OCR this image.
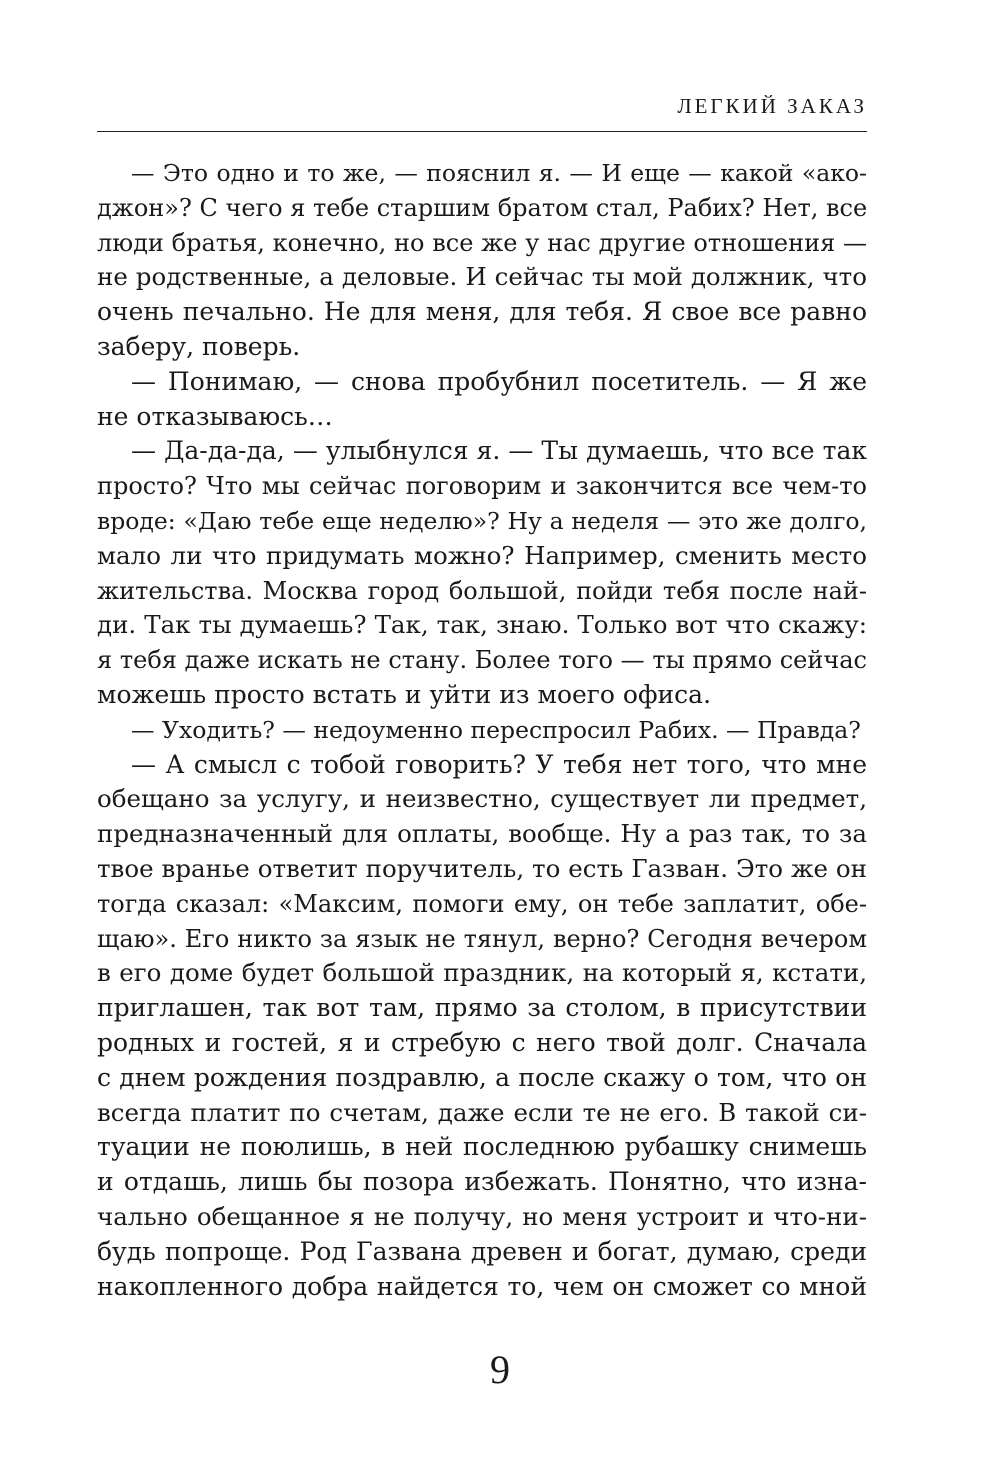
ЛЕГКИЙ ЗАКАЗ
— Это одно и то же, — пояснил я. — И еще — какой «ако-
джон»? С чего я тебе старшим братом стал, Рабих? Нет, все
люди братья, конечно, но все же у нас другие отношения —
не родственные, а деловые. И сейчас ты мой должник, что
очень печально. Не для меня, для тебя. Я свое все равно
заберу, поверь.
— Понимаю, — снова пробубнил посетитель. — Я же
не отказываюсь…
— Да-да-да, — улыбнулся я. — Ты думаешь, что все так
просто? Что мы сейчас поговорим и закончится все чем-то
вроде: «Даю тебе еще неделю»? Ну а неделя — это же долго,
мало ли что придумать можно? Например, сменить место
жительства. Москва город большой, пойди тебя после най-
ди. Так ты думаешь? Так, так, знаю. Только вот что скажу:
я тебя даже искать не стану. Более того — ты прямо сейчас
можешь просто встать и уйти из моего офиса.
— Уходить? — недоуменно переспросил Рабих. — Правда?
— А смысл с тобой говорить? У тебя нет того, что мне
обещано за услугу, и неизвестно, существует ли предмет,
предназначенный для оплаты, вообще. Ну а раз так, то за
твое вранье ответит поручитель, то есть Газван. Это же он
тогда сказал: «Максим, помоги ему, он тебе заплатит, обе-
щаю». Его никто за язык не тянул, верно? Сегодня вечером
в его доме будет большой праздник, на который я, кстати,
приглашен, так вот там, прямо за столом, в присутствии
родных и гостей, я и стребую с него твой долг. Сначала
с днем рождения поздравлю, а после скажу о том, что он
всегда платит по счетам, даже если те не его. В такой си-
туации не поюлишь, в ней последнюю рубашку снимешь
и отдашь, лишь бы позора избежать. Понятно, что изна-
чально обещанное я не получу, но меня устроит и что-ни-
будь попроще. Род Газвана древен и богат, думаю, среди
накопленного добра найдется то, чем он сможет со мной
9
